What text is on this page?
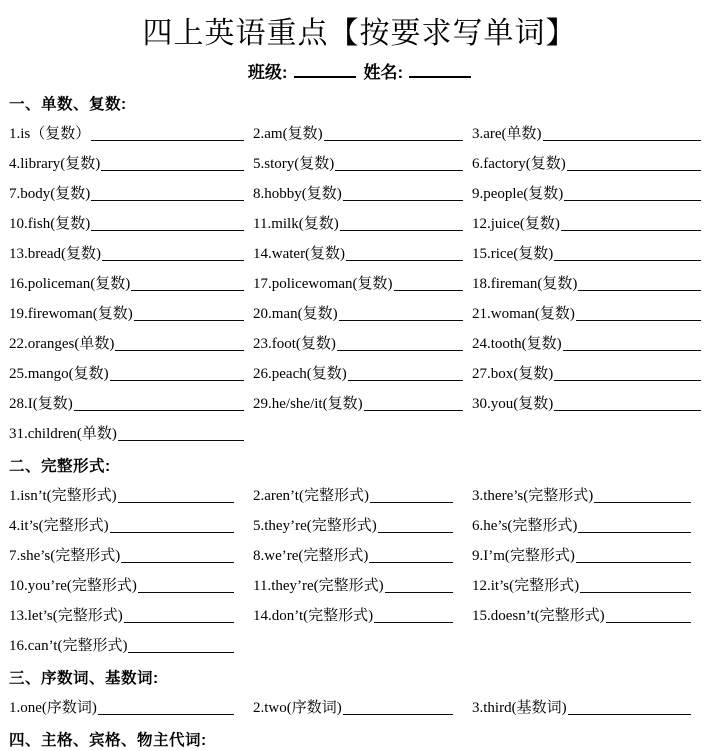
四上英语重点【按要求写单词】
班级:	姓名:
一、单数、复数:
1.is（复数）	2.am(复数)	3.are(单数)
4.library(复数)	5.story(复数)	6.factory(复数)
7.body(复数)	8.hobby(复数)	9.people(复数)
10.fish(复数)	11.milk(复数)	12.juice(复数)
13.bread(复数)	14.water(复数)	15.rice(复数)
16.policeman(复数)	17.policewoman(复数)	18.fireman(复数)
19.firewoman(复数)	20.man(复数)	21.woman(复数)
22.oranges(单数)	23.foot(复数)	24.tooth(复数)
25.mango(复数)	26.peach(复数)	27.box(复数)
28.I(复数)	29.he/she/it(复数)	30.you(复数)
31.children(单数)
二、完整形式:
1.isn’t(完整形式)	2.aren’t(完整形式)	3.there’s(完整形式)
4.it’s(完整形式)	5.they’re(完整形式)	6.he’s(完整形式)
7.she’s(完整形式)	8.we’re(完整形式)	9.I’m(完整形式)
10.you’re(完整形式)	11.they’re(完整形式)	12.it’s(完整形式)
13.let’s(完整形式)	14.don’t(完整形式)	15.doesn’t(完整形式)
16.can’t(完整形式)
三、序数词、基数词:
1.one(序数词)	2.two(序数词)	3.third(基数词)
四、主格、宾格、物主代词:
